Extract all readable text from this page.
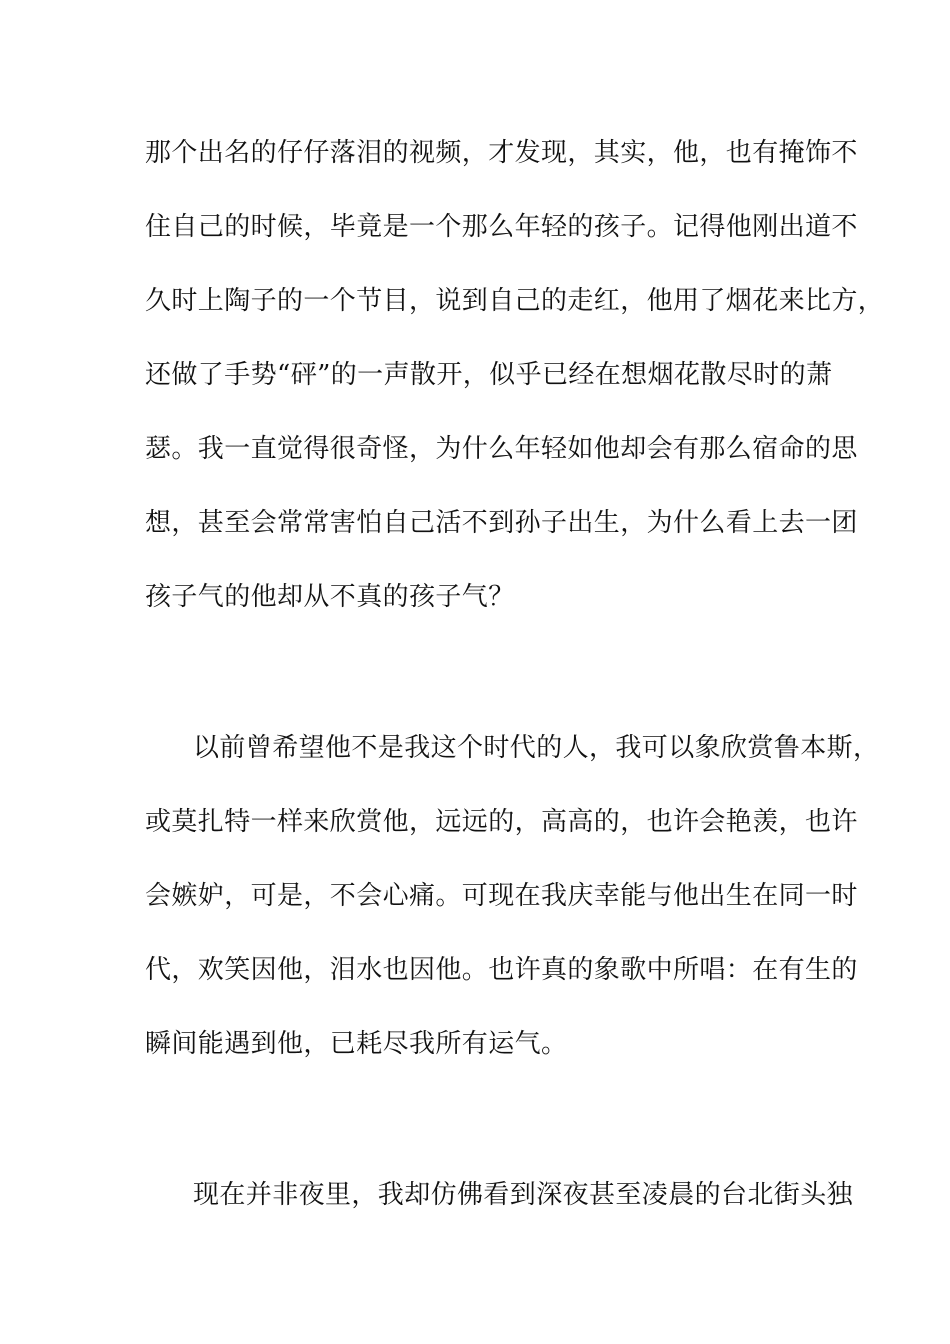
那个出名的仔仔落泪的视频，才发现，其实，他，也有掩饰不
住自己的时候，毕竟是一个那么年轻的孩子。记得他刚出道不
久时上陶子的一个节目，说到自己的走红，他用了烟花来比方，
还做了手势“砰”的一声散开，似乎已经在想烟花散尽时的萧
瑟。我一直觉得很奇怪，为什么年轻如他却会有那么宿命的思
想，甚至会常常害怕自己活不到孙子出生，为什么看上去一团
孩子气的他却从不真的孩子气？
以前曾希望他不是我这个时代的人，我可以象欣赏鲁本斯，
或莫扎特一样来欣赏他，远远的，高高的，也许会艳羡，也许
会嫉妒，可是，不会心痛。可现在我庆幸能与他出生在同一时
代，欢笑因他，泪水也因他。也许真的象歌中所唱：在有生的
瞬间能遇到他，已耗尽我所有运气。
现在并非夜里，我却仿佛看到深夜甚至凌晨的台北街头独
